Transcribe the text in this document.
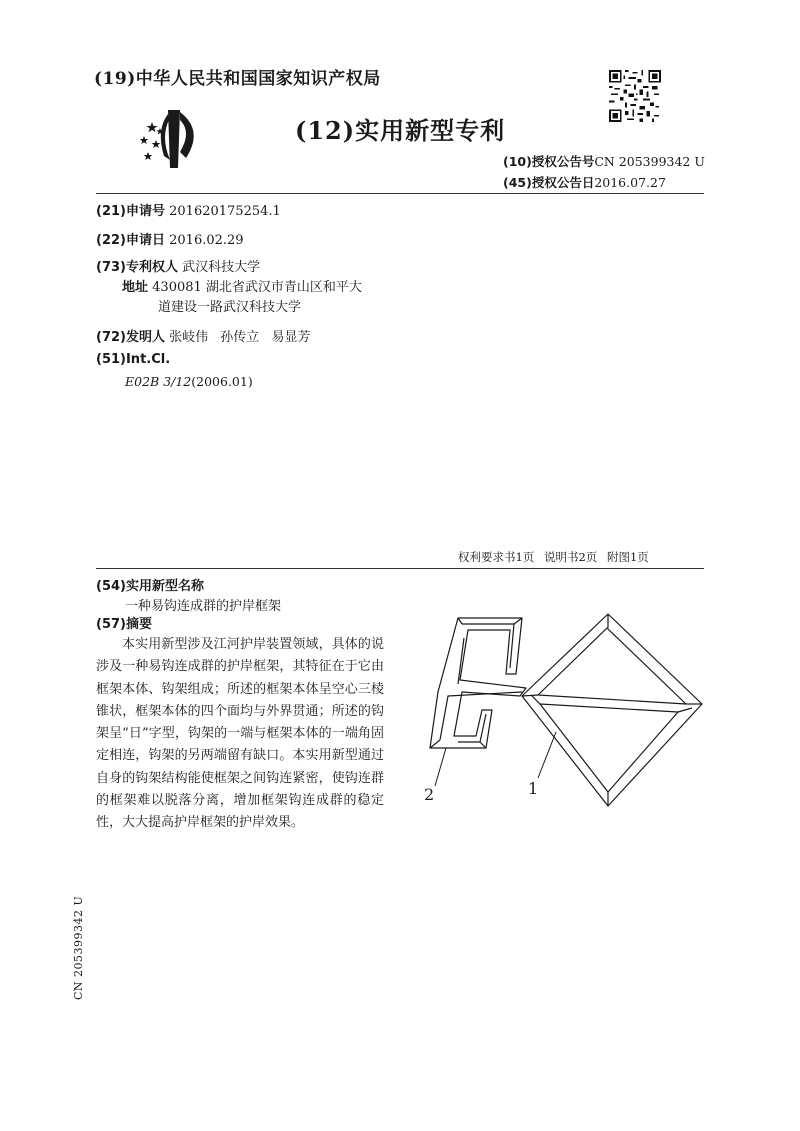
(19)中华人民共和国国家知识产权局
(12)实用新型专利
(10)授权公告号CN 205399342 U
(45)授权公告日2016.07.27
(21)申请号 201620175254.1
(22)申请日 2016.02.29
(73)专利权人 武汉科技大学
地址 430081 湖北省武汉市青山区和平大
道建设一路武汉科技大学
(72)发明人 张岐伟 孙传立 易显芳
(51)Int.Cl.
E02B 3/12(2006.01)
权利要求书1页 说明书2页 附图1页
(54)实用新型名称
一种易钩连成群的护岸框架
(57)摘要

本实用新型涉及江河护岸装置领域，具体的说涉及一种易钩连成群的护岸框架，其特征在于它由框架本体、钩架组成；所述的框架本体呈空心三棱锥状，框架本体的四个面均与外界贯通；所述的钩架呈“日”字型，钩架的一端与框架本体的一端角固定相连，钩架的另两端留有缺口。本实用新型通过自身的钩架结构能使框架之间钩连紧密，使钩连群的框架难以脱落分离，增加框架钩连成群的稳定性，大大提高护岸框架的护岸效果。

2	1
CN 205399342 U
